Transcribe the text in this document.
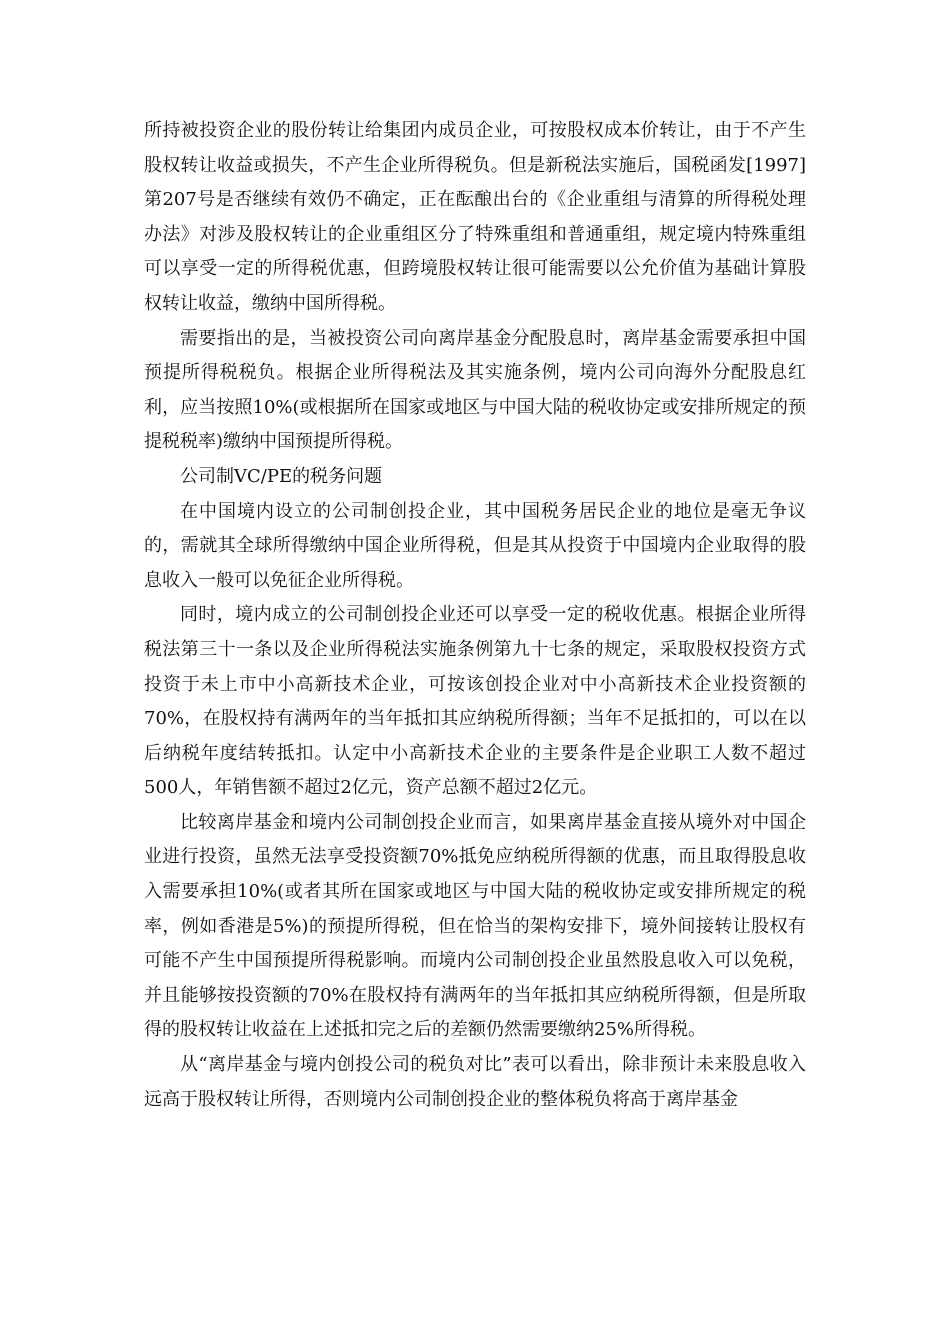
所持被投资企业的股份转让给集团内成员企业，可按股权成本价转让，由于不产生股权转让收益或损失，不产生企业所得税负。但是新税法实施后，国税函发[1997]第207号是否继续有效仍不确定，正在酝酿出台的《企业重组与清算的所得税处理办法》对涉及股权转让的企业重组区分了特殊重组和普通重组，规定境内特殊重组可以享受一定的所得税优惠，但跨境股权转让很可能需要以公允价值为基础计算股权转让收益，缴纳中国所得税。

需要指出的是，当被投资公司向离岸基金分配股息时，离岸基金需要承担中国预提所得税税负。根据企业所得税法及其实施条例，境内公司向海外分配股息红利，应当按照10%(或根据所在国家或地区与中国大陆的税收协定或安排所规定的预提税税率)缴纳中国预提所得税。

公司制VC/PE的税务问题

在中国境内设立的公司制创投企业，其中国税务居民企业的地位是毫无争议的，需就其全球所得缴纳中国企业所得税，但是其从投资于中国境内企业取得的股息收入一般可以免征企业所得税。

同时，境内成立的公司制创投企业还可以享受一定的税收优惠。根据企业所得税法第三十一条以及企业所得税法实施条例第九十七条的规定，采取股权投资方式投资于未上市中小高新技术企业，可按该创投企业对中小高新技术企业投资额的70%，在股权持有满两年的当年抵扣其应纳税所得额；当年不足抵扣的，可以在以后纳税年度结转抵扣。认定中小高新技术企业的主要条件是企业职工人数不超过500人，年销售额不超过2亿元，资产总额不超过2亿元。

比较离岸基金和境内公司制创投企业而言，如果离岸基金直接从境外对中国企业进行投资，虽然无法享受投资额70%抵免应纳税所得额的优惠，而且取得股息收入需要承担10%(或者其所在国家或地区与中国大陆的税收协定或安排所规定的税率，例如香港是5%)的预提所得税，但在恰当的架构安排下，境外间接转让股权有可能不产生中国预提所得税影响。而境内公司制创投企业虽然股息收入可以免税，并且能够按投资额的70%在股权持有满两年的当年抵扣其应纳税所得额，但是所取得的股权转让收益在上述抵扣完之后的差额仍然需要缴纳25%所得税。

从“离岸基金与境内创投公司的税负对比”表可以看出，除非预计未来股息收入远高于股权转让所得，否则境内公司制创投企业的整体税负将高于离岸基金
